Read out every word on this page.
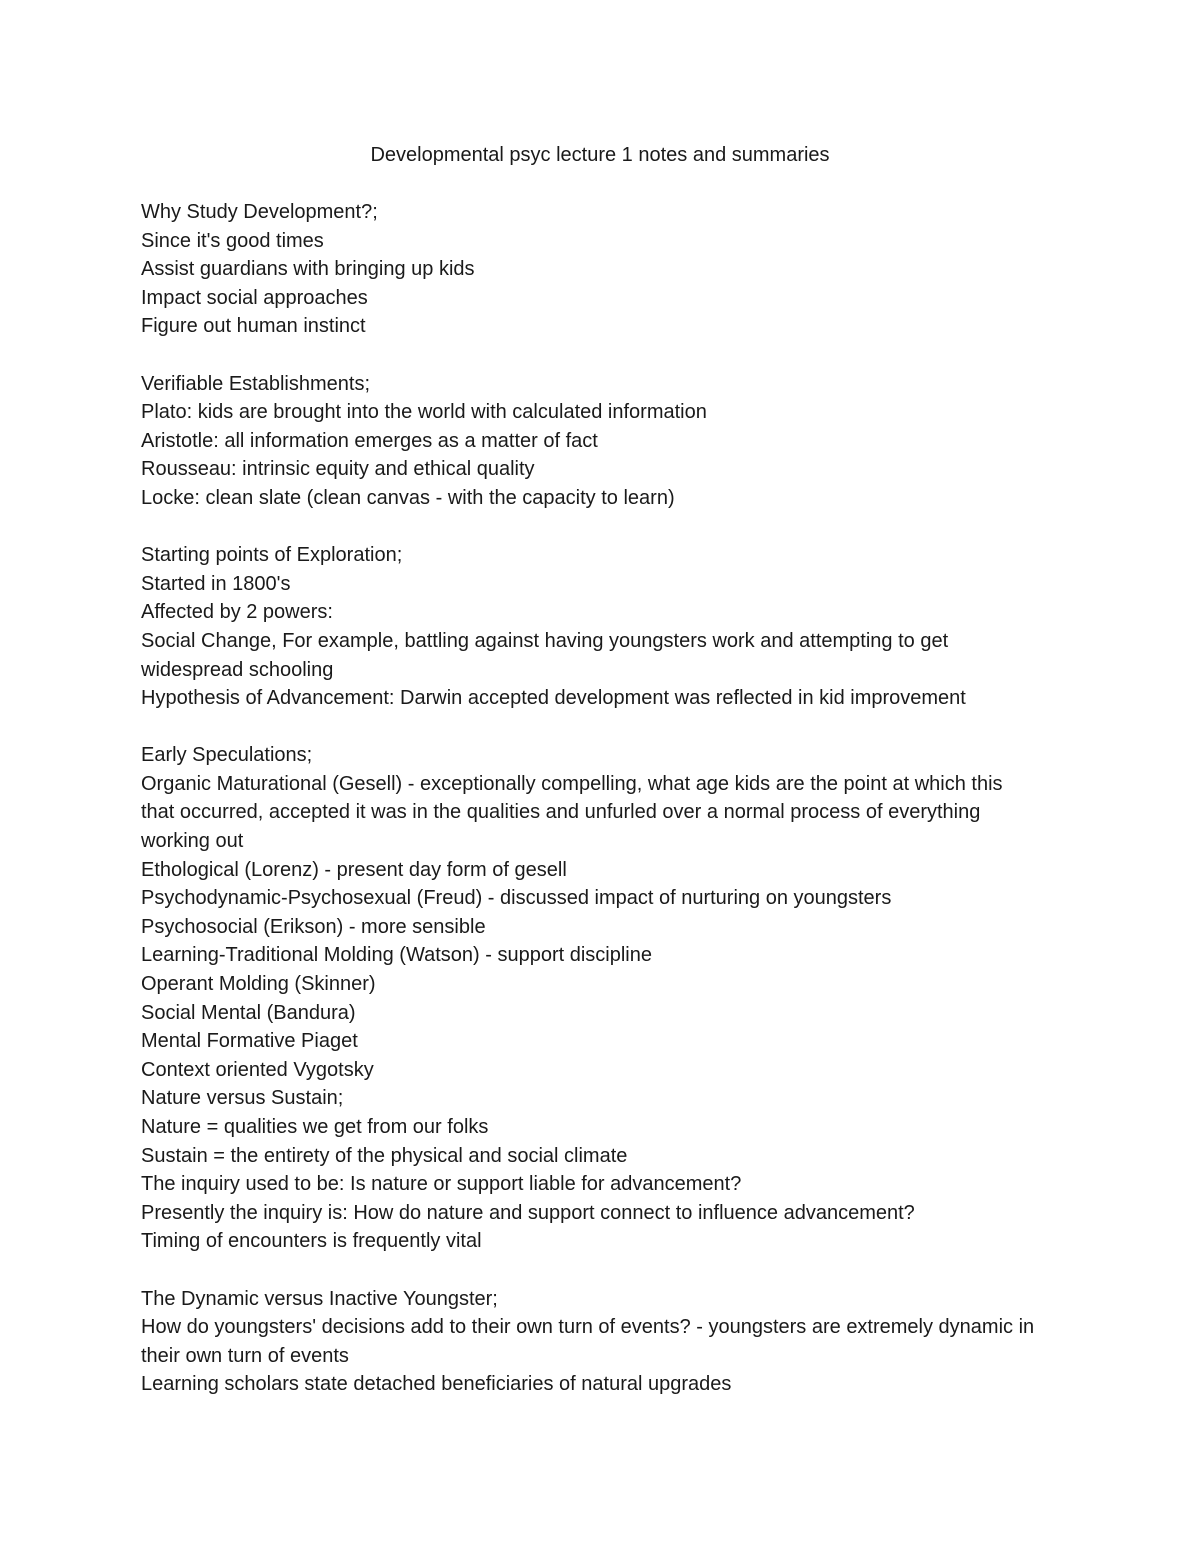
Developmental psyc lecture 1 notes and summaries
Why Study Development?;
Since it's good times
Assist guardians with bringing up kids
Impact social approaches
Figure out human instinct
Verifiable Establishments;
Plato: kids are brought into the world with calculated information
Aristotle: all information emerges as a matter of fact
Rousseau: intrinsic equity and ethical quality
Locke: clean slate (clean canvas - with the capacity to learn)
Starting points of Exploration;
Started in 1800's
Affected by 2 powers:
Social Change, For example, battling against having youngsters work and attempting to get widespread schooling
Hypothesis of Advancement: Darwin accepted development was reflected in kid improvement
Early Speculations;
Organic Maturational (Gesell) - exceptionally compelling, what age kids are the point at which this that occurred, accepted it was in the qualities and unfurled over a normal process of everything working out
Ethological (Lorenz) - present day form of gesell
Psychodynamic-Psychosexual (Freud) - discussed impact of nurturing on youngsters
Psychosocial (Erikson) - more sensible
Learning-Traditional Molding (Watson) - support discipline
Operant Molding (Skinner)
Social Mental (Bandura)
Mental Formative Piaget
Context oriented Vygotsky
Nature versus Sustain;
Nature = qualities we get from our folks
Sustain = the entirety of the physical and social climate
The inquiry used to be: Is nature or support liable for advancement?
Presently the inquiry is: How do nature and support connect to influence advancement?
Timing of encounters is frequently vital
The Dynamic versus Inactive Youngster;
How do youngsters' decisions add to their own turn of events? - youngsters are extremely dynamic in their own turn of events
Learning scholars state detached beneficiaries of natural upgrades
